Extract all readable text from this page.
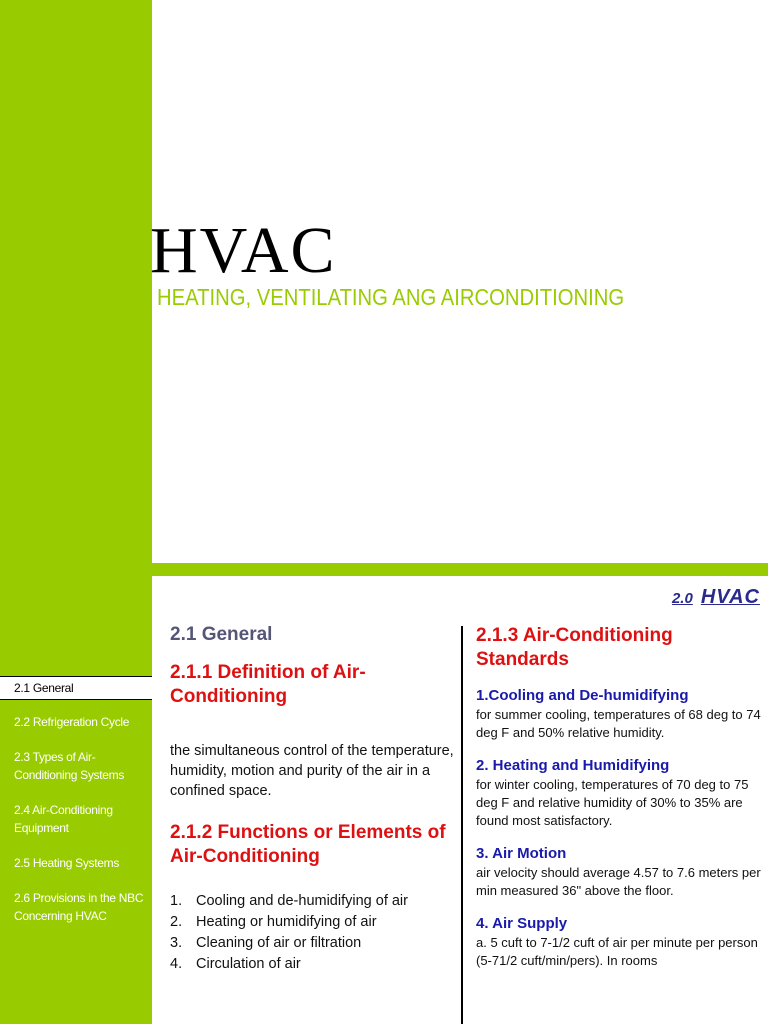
HVAC

HEATING, VENTILATING ANG AIRCONDITIONING

2.0 HVAC
2.1 General
2.2 Refrigeration Cycle
2.3 Types of Air-Conditioning Systems
2.4 Air-Conditioning Equipment
2.5 Heating Systems
2.6 Provisions in the NBC Concerning HVAC
2.1 General
2.1.1 Definition of Air-Conditioning

the simultaneous control of the temperature, humidity, motion and purity of the air in a confined space.

2.1.2 Functions or Elements of Air-Conditioning
1. Cooling and de-humidifying of air
2. Heating or humidifying of air
3. Cleaning of air or filtration
4. Circulation of air
2.1.3 Air-Conditioning Standards

1.Cooling and De-humidifying

for summer cooling, temperatures of 68 deg to 74 deg F and 50% relative humidity.

2. Heating and Humidifying

for winter cooling, temperatures of 70 deg to 75 deg F and relative humidity of 30% to 35% are found most satisfactory.

3. Air Motion

air velocity should average 4.57 to 7.6 meters per min measured 36" above the floor.

4. Air Supply

a. 5 cuft to 7-1/2 cuft of air per minute per person (5-71/2 cuft/min/pers). In rooms
